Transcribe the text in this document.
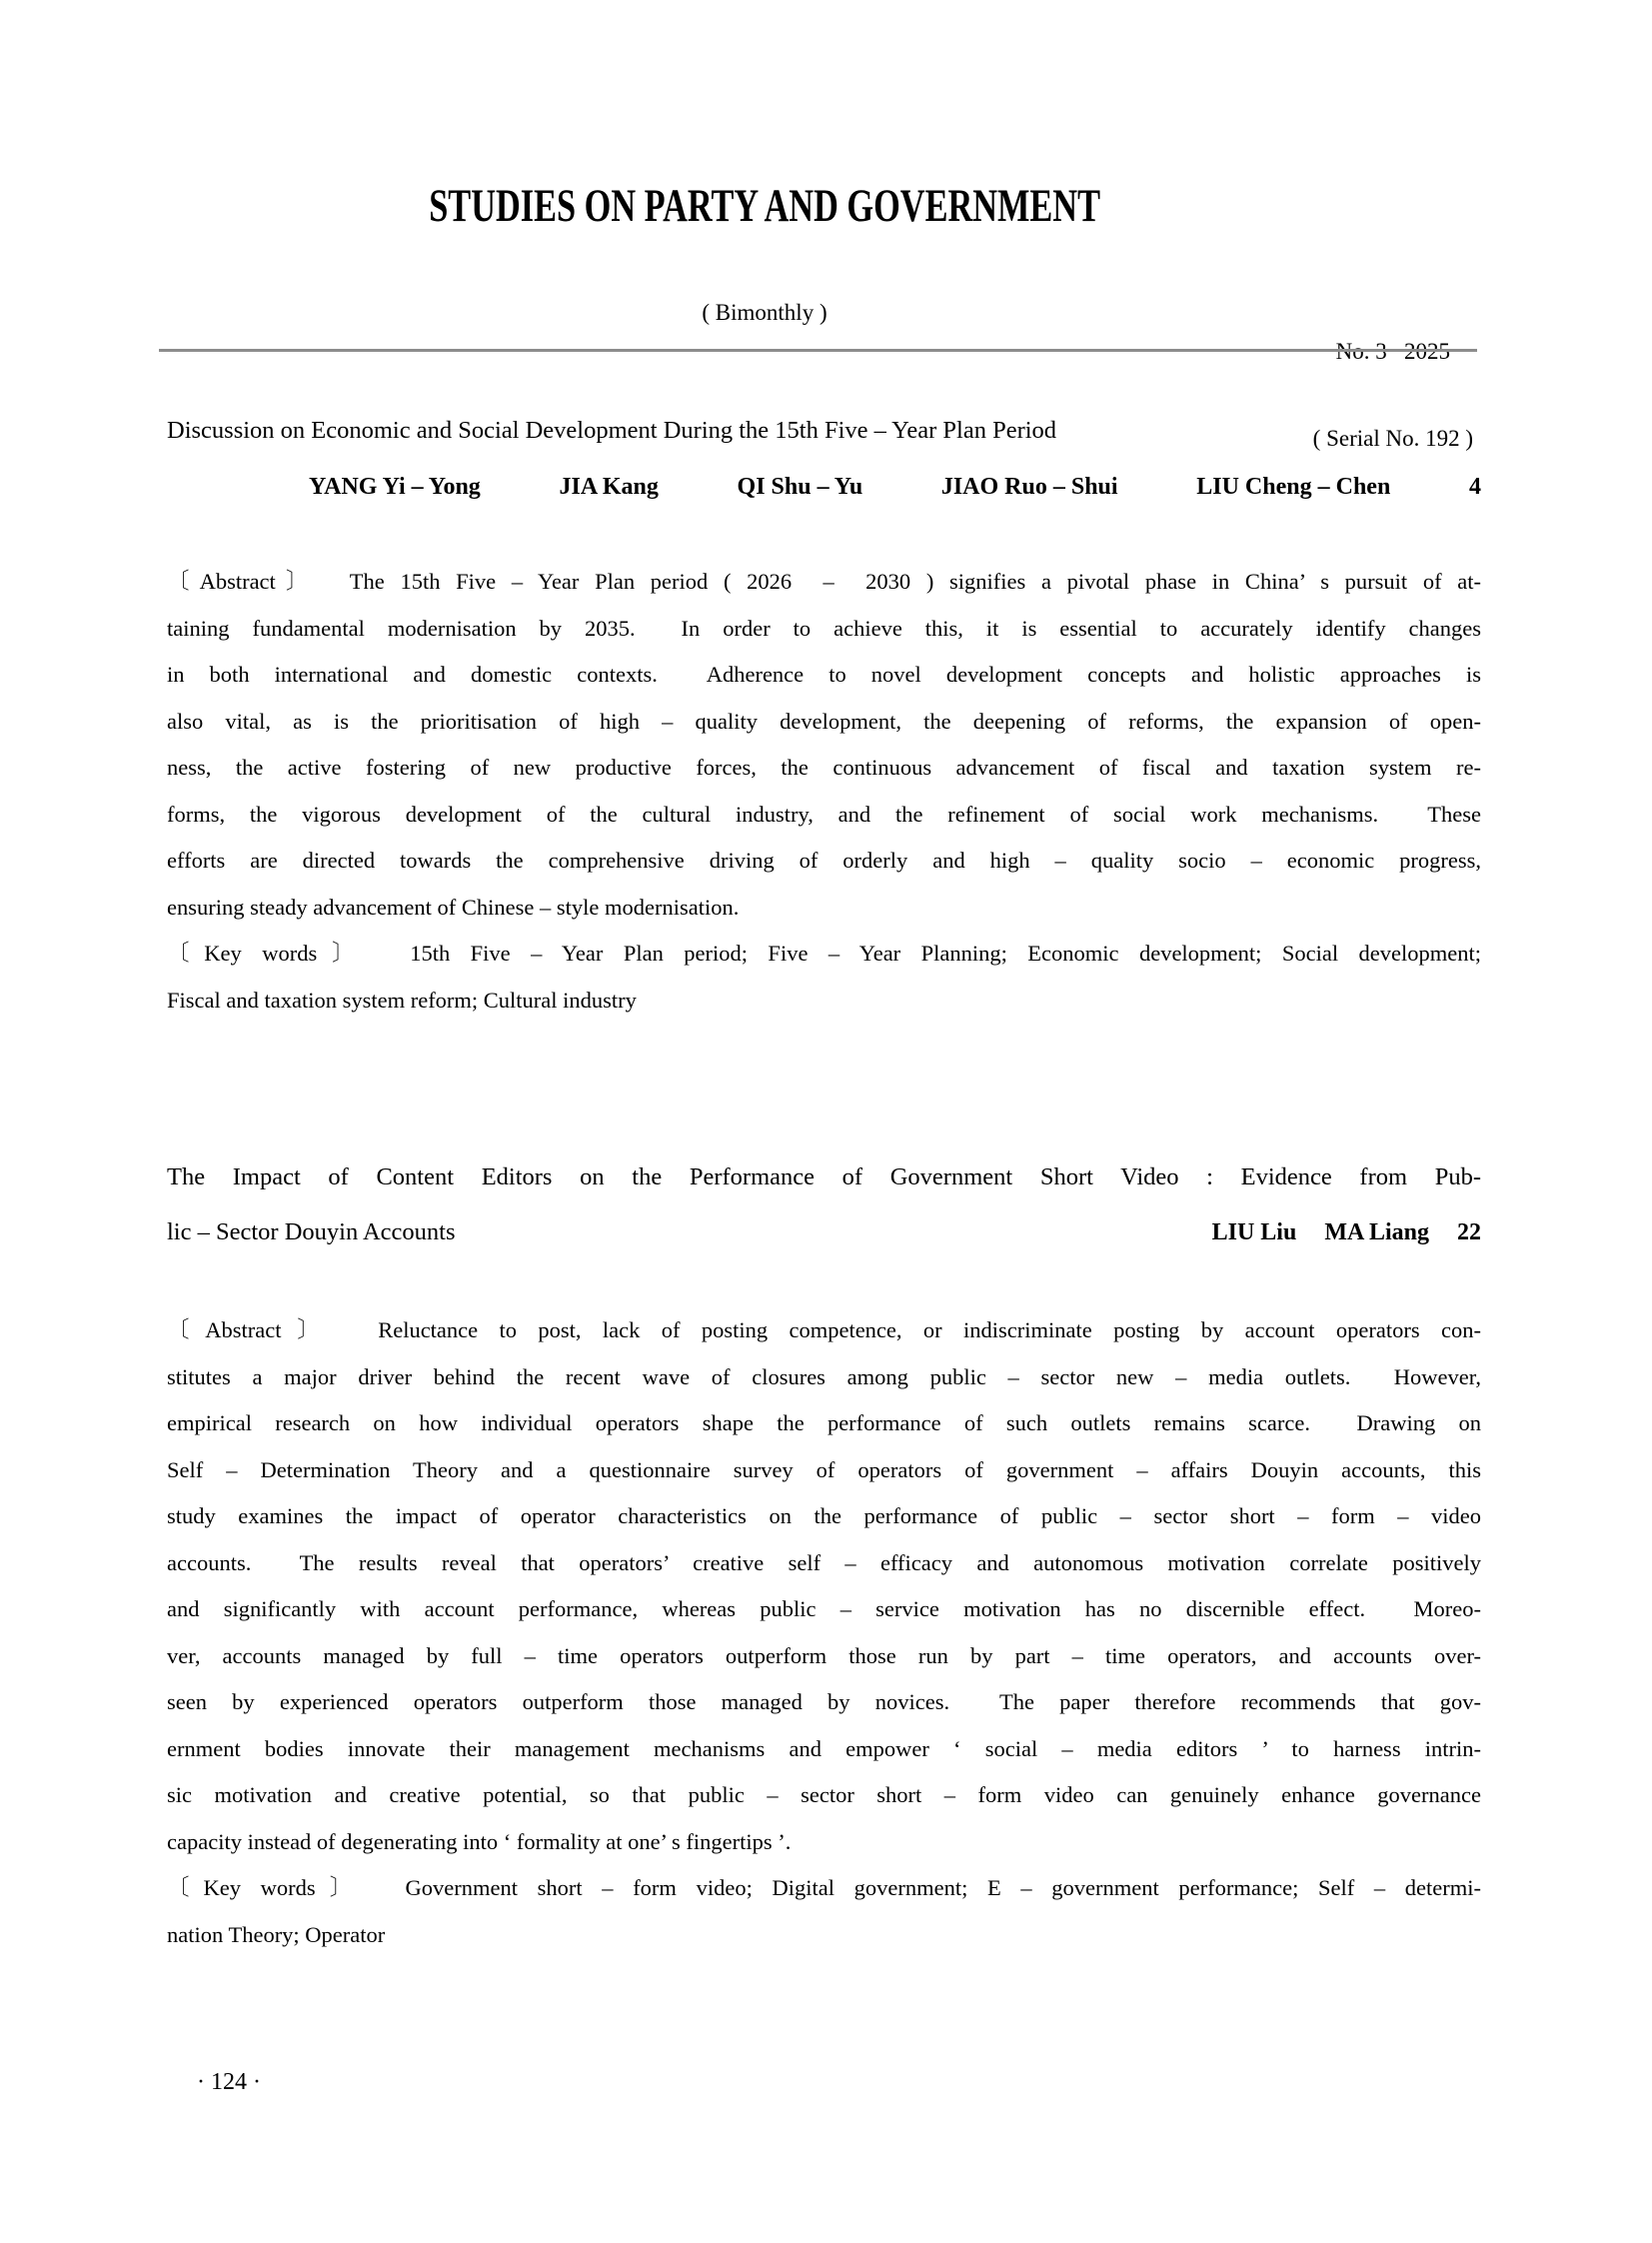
STUDIES ON PARTY AND GOVERNMENT
( Bimonthly )

No. 3   2025

( Serial No. 192 )

Discussion on Economic and Social Development During the 15th Five – Year Plan Period
YANG Yi – Yong	JIA Kang	QI Shu – Yu	JIAO Ruo – Shui	LIU Cheng – Chen	4
〔Abstract〕  The 15th Five – Year Plan period ( 2026  –  2030 ) signifies a pivotal phase in China’ s pursuit of at-
taining fundamental modernisation by 2035.  In order to achieve this, it is essential to accurately identify changes
in both international and domestic contexts.  Adherence to novel development concepts and holistic approaches is
also vital, as is the prioritisation of high – quality development, the deepening of reforms, the expansion of open-
ness, the active fostering of new productive forces, the continuous advancement of fiscal and taxation system re-
forms, the vigorous development of the cultural industry, and the refinement of social work mechanisms.  These
efforts are directed towards the comprehensive driving of orderly and high – quality socio – economic progress,
ensuring steady advancement of Chinese – style modernisation.
〔Key words〕  15th Five – Year Plan period; Five – Year Planning; Economic development; Social development;
Fiscal and taxation system reform; Cultural industry
The Impact of Content Editors on the Performance of Government Short Video : Evidence from Pub-
lic – Sector Douyin Accounts	LIU Liu MA Liang 22
〔Abstract〕  Reluctance to post, lack of posting competence, or indiscriminate posting by account operators con-
stitutes a major driver behind the recent wave of closures among public – sector new – media outlets.  However,
empirical research on how individual operators shape the performance of such outlets remains scarce.  Drawing on
Self – Determination Theory and a questionnaire survey of operators of government – affairs Douyin accounts, this
study examines the impact of operator characteristics on the performance of public – sector short – form – video
accounts.  The results reveal that operators’ creative self – efficacy and autonomous motivation correlate positively
and significantly with account performance, whereas public – service motivation has no discernible effect.  Moreo-
ver, accounts managed by full – time operators outperform those run by part – time operators, and accounts over-
seen by experienced operators outperform those managed by novices.  The paper therefore recommends that gov-
ernment bodies innovate their management mechanisms and empower ‘ social – media editors ’ to harness intrin-
sic motivation and creative potential, so that public – sector short – form video can genuinely enhance governance
capacity instead of degenerating into ‘ formality at one’ s fingertips ’.
〔Key words〕  Government short – form video; Digital government; E – government performance; Self – determi-
nation Theory; Operator
· 124 ·
